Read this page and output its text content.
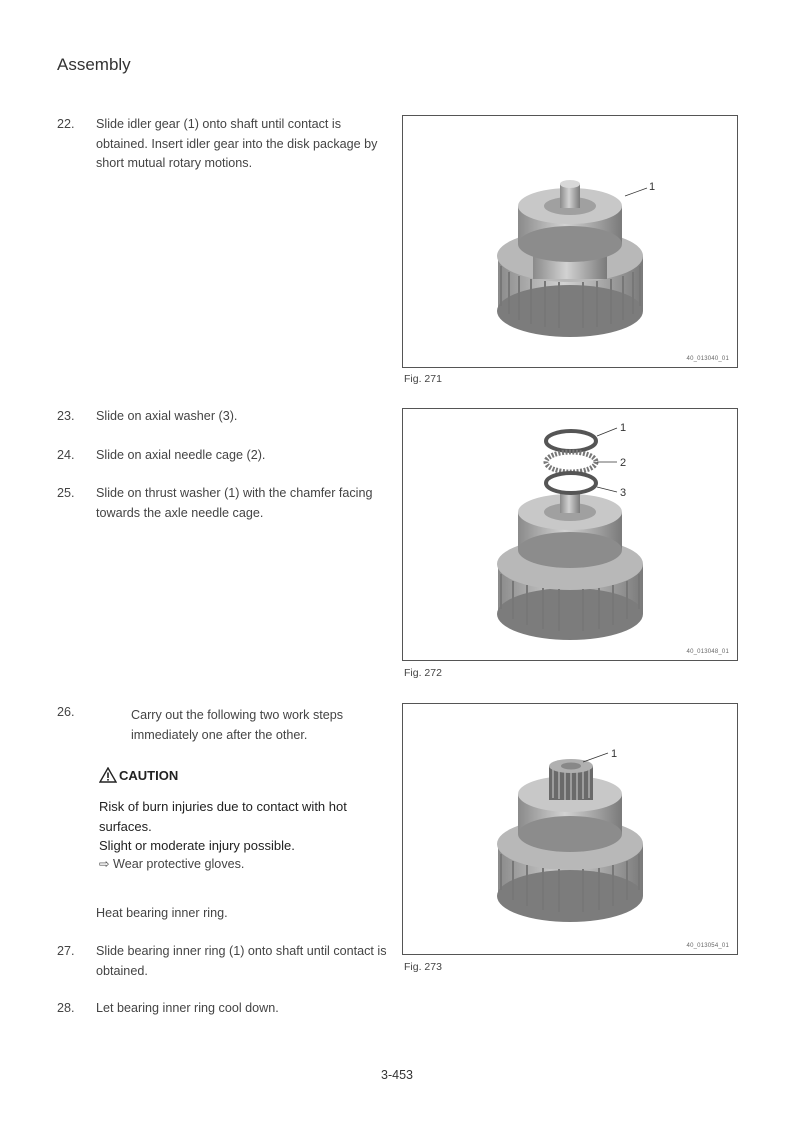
Assembly
22. Slide idler gear (1) onto shaft until contact is obtained. Insert idler gear into the disk package by short mutual rotary motions.
23. Slide on axial washer (3).
24. Slide on axial needle cage (2).
25. Slide on thrust washer (1) with the chamfer facing towards the axle needle cage.
26.	Carry out the following two work steps immediately one after the other.
CAUTION
Risk of burn injuries due to contact with hot surfaces.
Slight or moderate injury possible.
⇨ Wear protective gloves.
Heat bearing inner ring.
27. Slide bearing inner ring (1) onto shaft until contact is obtained.
28. Let bearing inner ring cool down.
1
40_013040_01
Fig. 271
1
2
3
40_013048_01
Fig. 272
1
40_013054_01
Fig. 273
3-453
